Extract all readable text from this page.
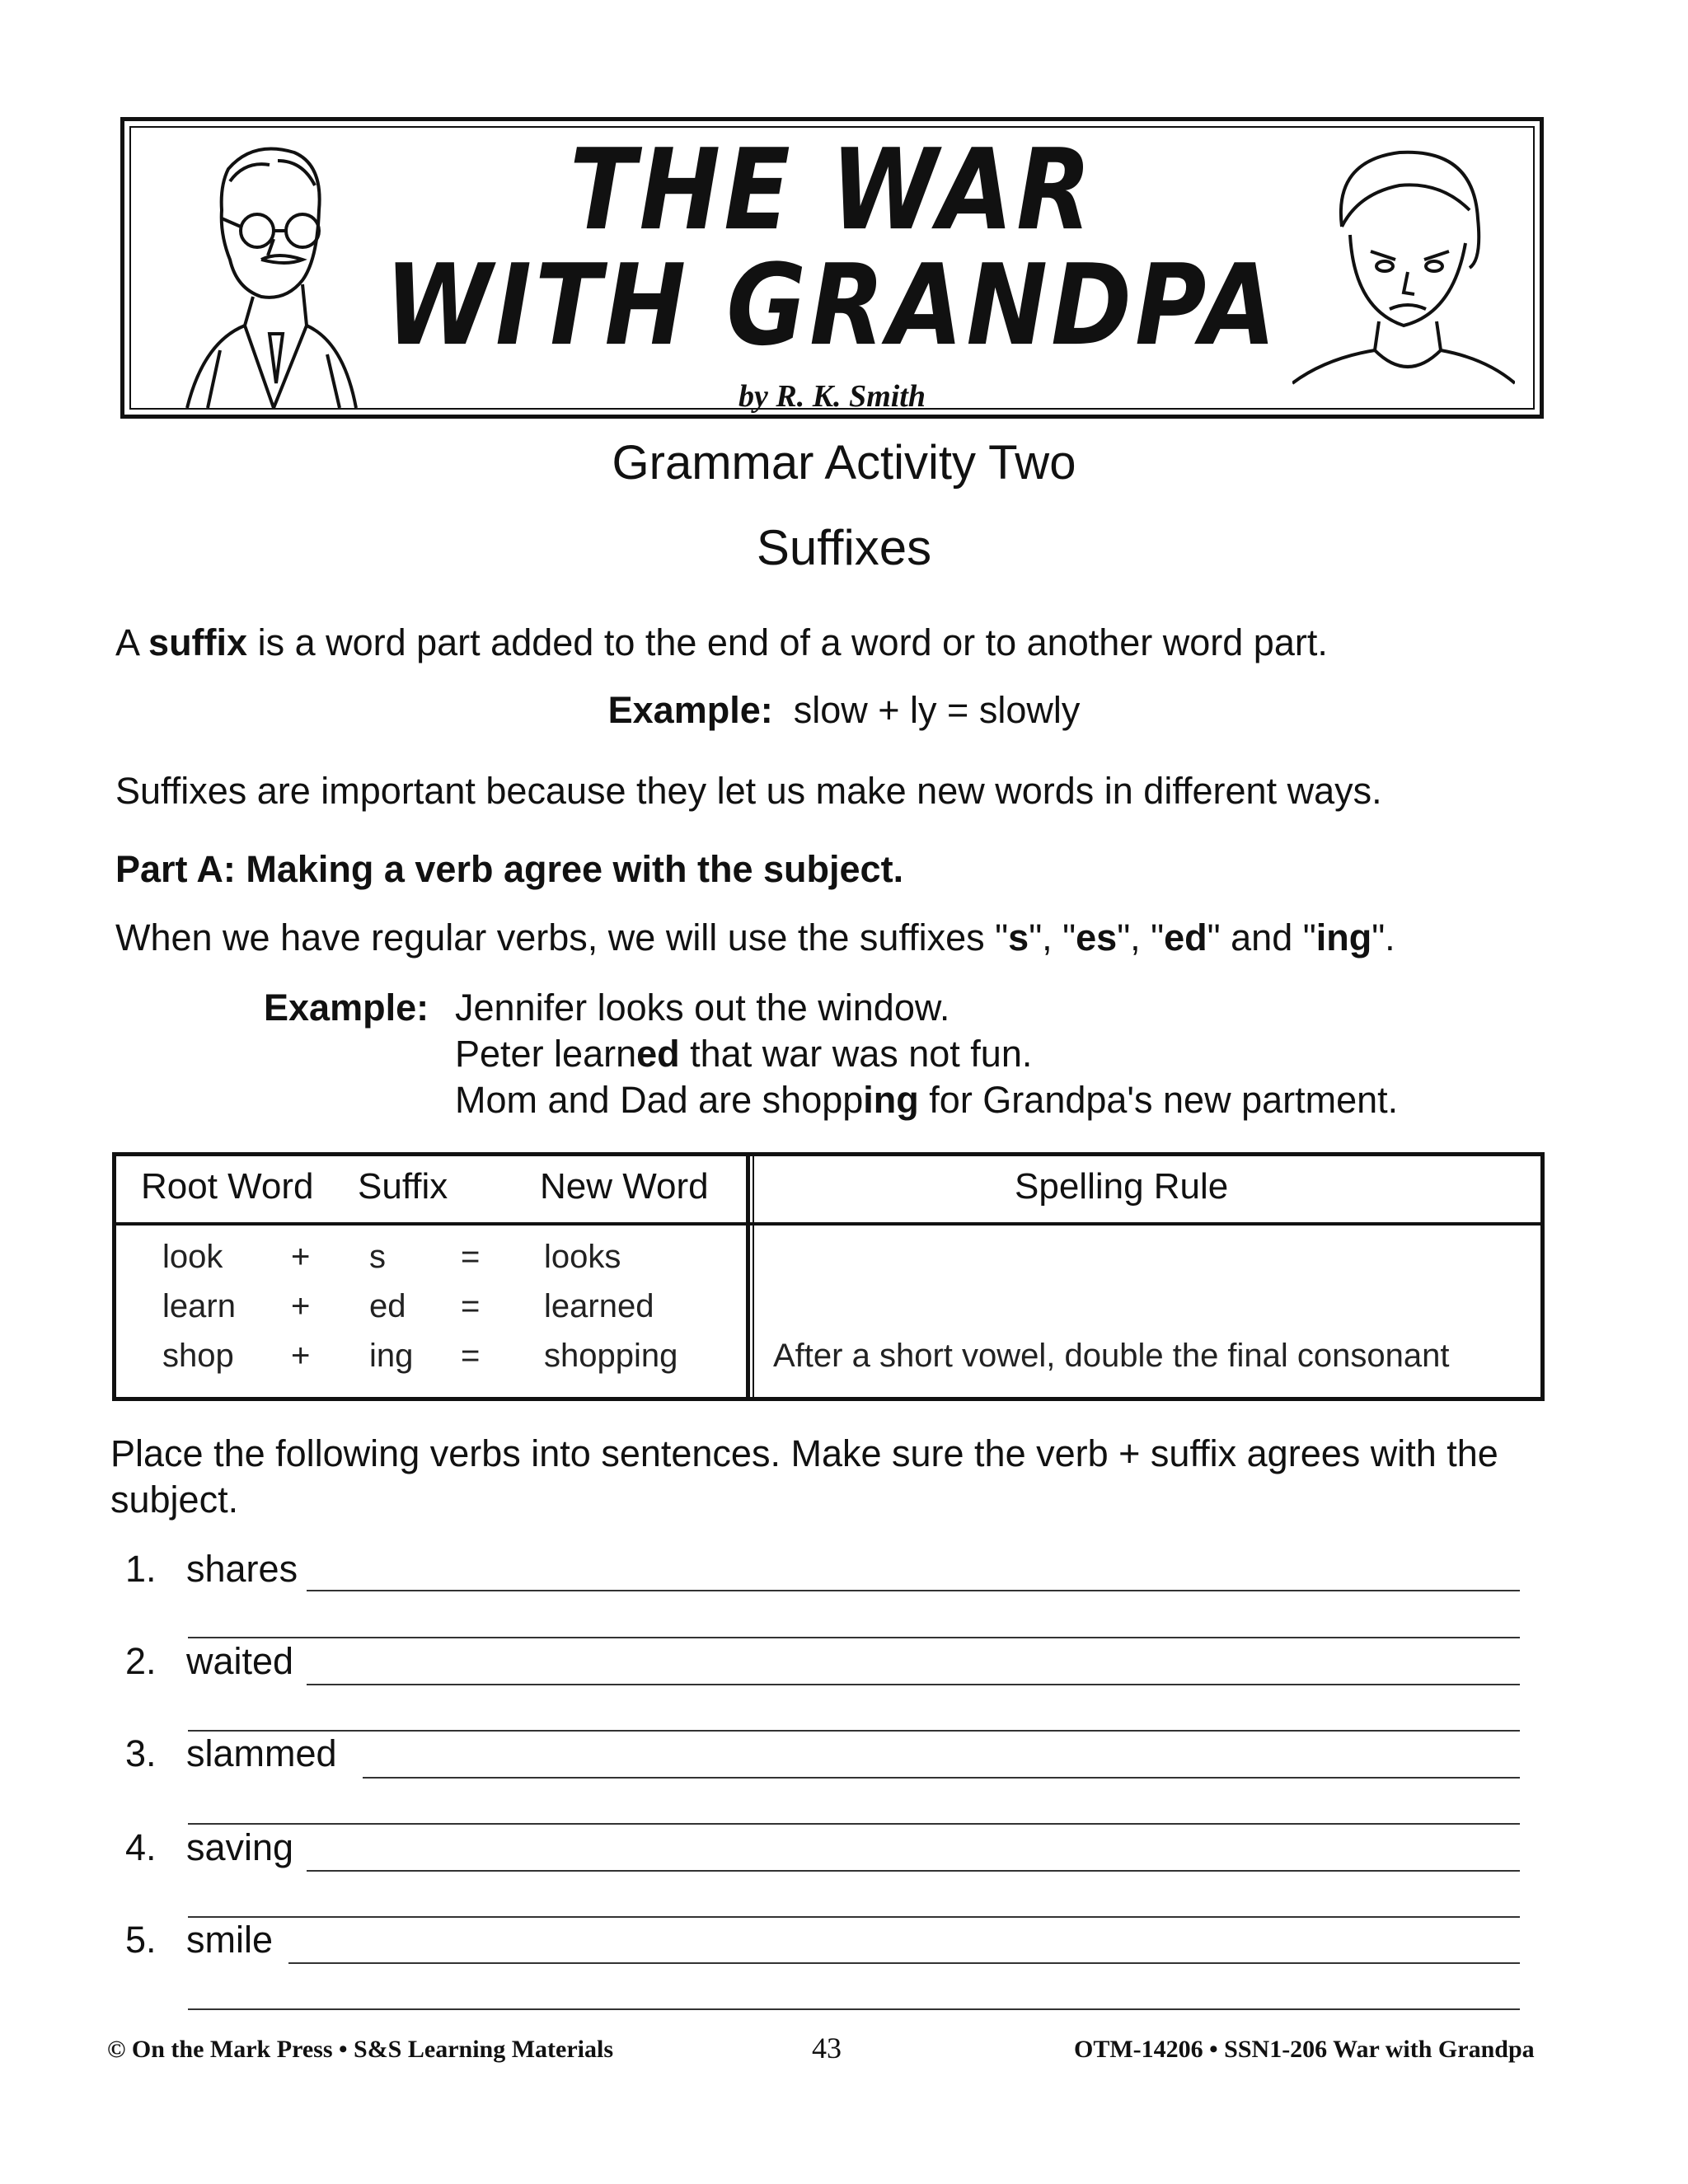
THE WAR
WITH GRANDPA
by R. K. Smith
Grammar Activity Two
Suffixes
A suffix is a word part added to the end of a word or to another word part.
Example: slow + ly = slowly
Suffixes are important because they let us make new words in different ways.
Part A: Making a verb agree with the subject.
When we have regular verbs, we will use the suffixes "s", "es", "ed" and "ing".
Example: Jennifer looks out the window.
Peter learned that war was not fun.
Mom and Dad are shopping for Grandpa's new partment.
Root Word Suffix	New Word	Spelling Rule
look + s = looks
learn + ed = learned
shop + ing = shopping	After a short vowel, double the final consonant
Place the following verbs into sentences. Make sure the verb + suffix agrees with the subject.
1. shares
2. waited
3. slammed
4. saving
5. smile
© On the Mark Press • S&S Learning Materials	43	OTM-14206 • SSN1-206 War with Grandpa
